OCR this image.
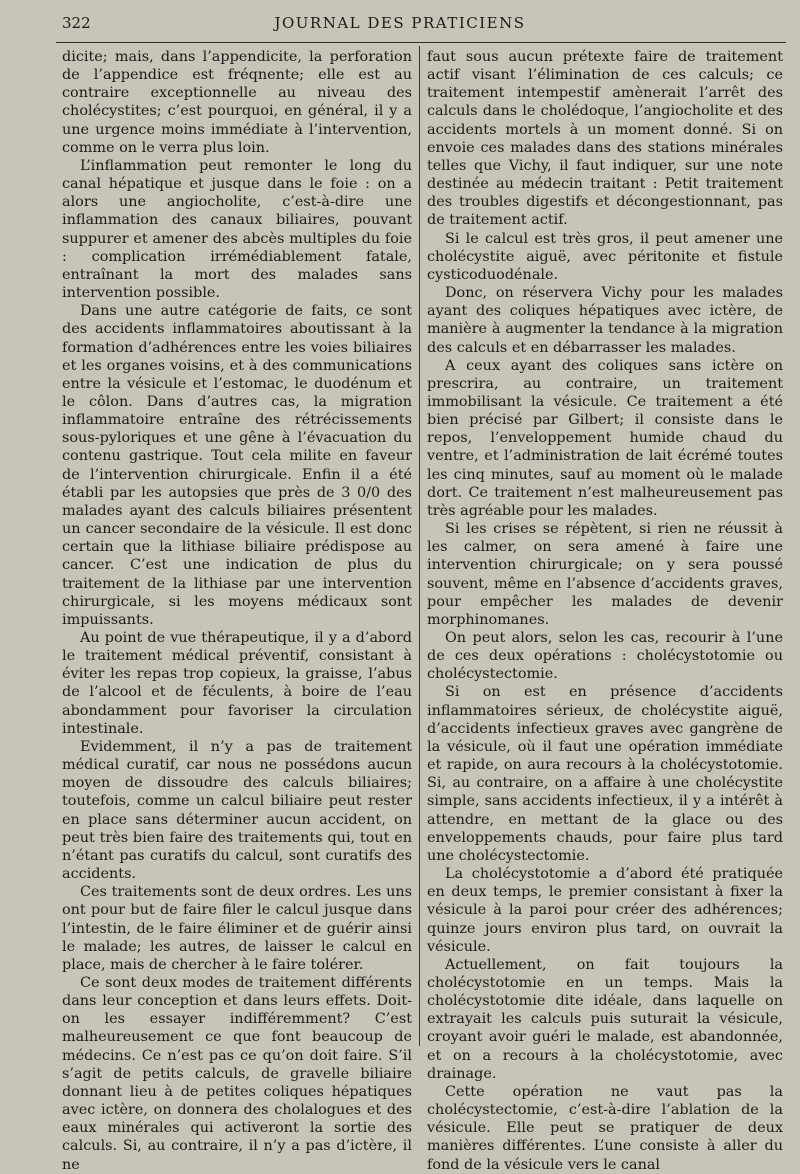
322	JOURNAL DES PRATICIENS

dicite; mais, dans l’appendicite, la perforation de l’appendice est fréqnente; elle est au contraire exceptionnelle au niveau des cholécystites; c’est pourquoi, en général, il y a une urgence moins immédiate à l’intervention, comme on le verra plus loin.

L’inflammation peut remonter le long du canal hépatique et jusque dans le foie : on a alors une angiocholite, c’est-à-dire une inflammation des canaux biliaires, pouvant suppurer et amener des abcès multiples du foie : complication irrémédiablement fatale, entraînant la mort des malades sans intervention possible.

Dans une autre catégorie de faits, ce sont des accidents inflammatoires aboutissant à la formation d’adhérences entre les voies biliaires et les organes voisins, et à des communications entre la vésicule et l’estomac, le duodénum et le côlon. Dans d’autres cas, la migration inflammatoire entraîne des rétrécissements sous-pyloriques et une gêne à l’évacuation du contenu gastrique. Tout cela milite en faveur de l’intervention chirurgicale. Enfin il a été établi par les autopsies que près de 3 0/0 des malades ayant des calculs biliaires présentent un cancer secondaire de la vésicule. Il est donc certain que la lithiase biliaire prédispose au cancer. C’est une indication de plus du traitement de la lithiase par une intervention chirurgicale, si les moyens médicaux sont impuissants.

Au point de vue thérapeutique, il y a d’abord le traitement médical préventif, consistant à éviter les repas trop copieux, la graisse, l’abus de l’alcool et de féculents, à boire de l’eau abondamment pour favoriser la circulation intestinale.

Evidemment, il n’y a pas de traitement médical curatif, car nous ne possédons aucun moyen de dissoudre des calculs biliaires; toutefois, comme un calcul biliaire peut rester en place sans déterminer aucun accident, on peut très bien faire des traitements qui, tout en n’étant pas curatifs du calcul, sont curatifs des accidents.

Ces traitements sont de deux ordres. Les uns ont pour but de faire filer le calcul jusque dans l’intestin, de le faire éliminer et de guérir ainsi le malade; les autres, de laisser le calcul en place, mais de chercher à le faire tolérer.

Ce sont deux modes de traitement différents dans leur conception et dans leurs effets. Doit-on les essayer indifféremment? C’est malheureusement ce que font beaucoup de médecins. Ce n’est pas ce qu’on doit faire. S’il s’agit de petits calculs, de gravelle biliaire donnant lieu à de petites coliques hépatiques avec ictère, on donnera des cholalogues et des eaux minérales qui activeront la sortie des calculs. Si, au contraire, il n’y a pas d’ictère, il ne

faut sous aucun prétexte faire de traitement actif visant l’élimination de ces calculs; ce traitement intempestif amènerait l’arrêt des calculs dans le cholédoque, l’angiocholite et des accidents mortels à un moment donné. Si on envoie ces malades dans des stations minérales telles que Vichy, il faut indiquer, sur une note destinée au médecin traitant : Petit traitement des troubles digestifs et décongestionnant, pas de traitement actif.

Si le calcul est très gros, il peut amener une cholécystite aiguë, avec péritonite et fistule cysticoduodénale.

Donc, on réservera Vichy pour les malades ayant des coliques hépatiques avec ictère, de manière à augmenter la tendance à la migration des calculs et en débarrasser les malades.

A ceux ayant des coliques sans ictère on prescrira, au contraire, un traitement immobilisant la vésicule. Ce traitement a été bien précisé par Gilbert; il consiste dans le repos, l’enveloppement humide chaud du ventre, et l’administration de lait écrémé toutes les cinq minutes, sauf au moment où le malade dort. Ce traitement n’est malheureusement pas très agréable pour les malades.

Si les crises se répètent, si rien ne réussit à les calmer, on sera amené à faire une intervention chirurgicale; on y sera poussé souvent, même en l’absence d’accidents graves, pour empêcher les malades de devenir morphinomanes.

On peut alors, selon les cas, recourir à l’une de ces deux opérations : cholécystotomie ou cholécystectomie.

Si on est en présence d’accidents inflammatoires sérieux, de cholécystite aiguë, d’accidents infectieux graves avec gangrène de la vésicule, où il faut une opération immédiate et rapide, on aura recours à la cholécystotomie. Si, au contraire, on a affaire à une cholécystite simple, sans accidents infectieux, il y a intérêt à attendre, en mettant de la glace ou des enveloppements chauds, pour faire plus tard une cholécystectomie.

La cholécystotomie a d’abord été pratiquée en deux temps, le premier consistant à fixer la vésicule à la paroi pour créer des adhérences; quinze jours environ plus tard, on ouvrait la vésicule.

Actuellement, on fait toujours la cholécystotomie en un temps. Mais la cholécystotomie dite idéale, dans laquelle on extrayait les calculs puis suturait la vésicule, croyant avoir guéri le malade, est abandonnée, et on a recours à la cholécystotomie, avec drainage.

Cette opération ne vaut pas la cholécystectomie, c’est-à-dire l’ablation de la vésicule. Elle peut se pratiquer de deux manières différentes. L’une consiste à aller du fond de la vésicule vers le canal
